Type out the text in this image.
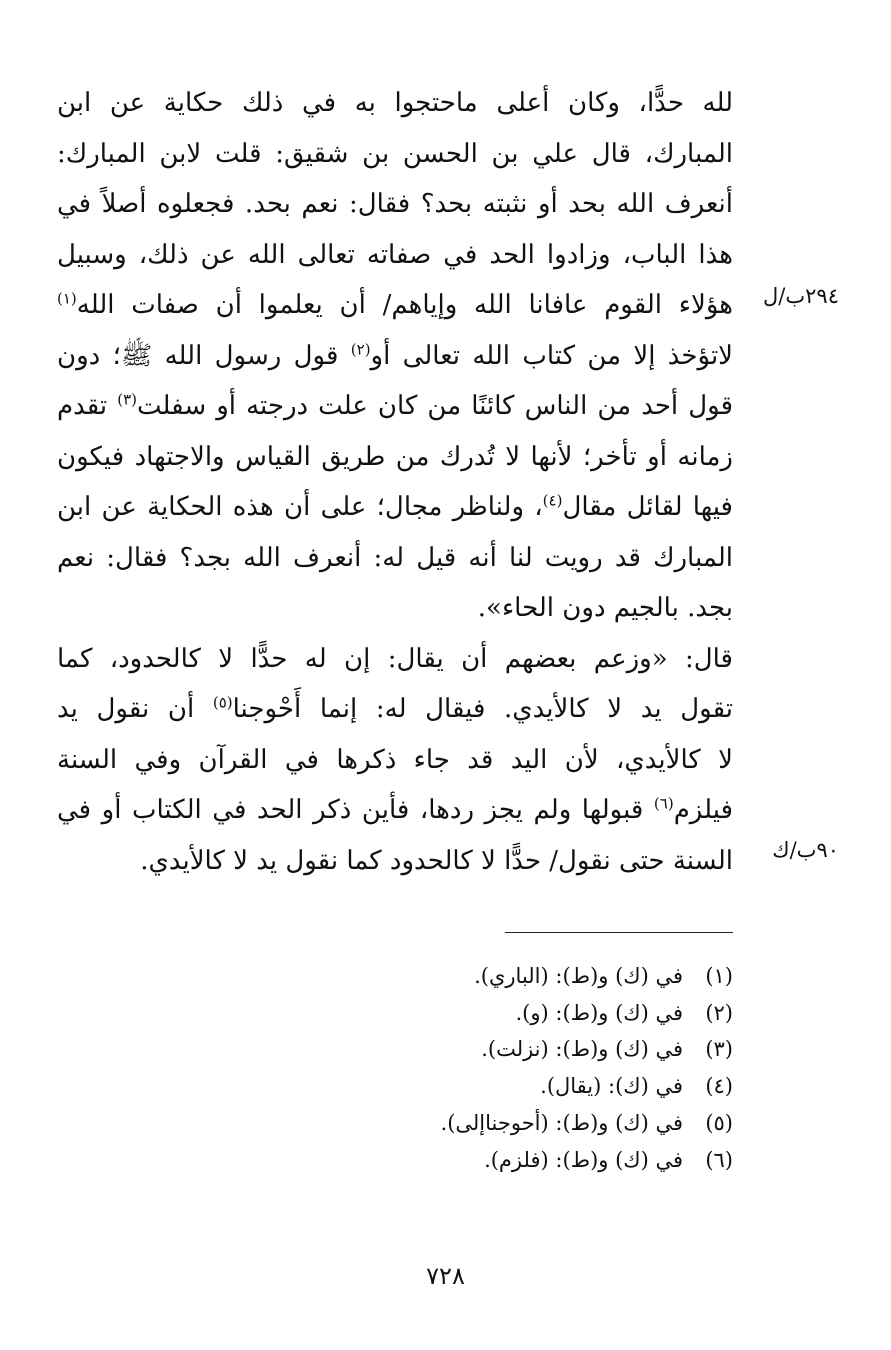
لله حدًّا، وكان أعلى ماحتجوا به في ذلك حكاية عن ابن
المبارك، قال علي بن الحسن بن شقيق: قلت لابن المبارك:
أنعرف الله بحد أو نثبته بحد؟ فقال: نعم بحد. فجعلوه أصلاً في
هذا الباب، وزادوا الحد في صفاته تعالى الله عن ذلك، وسبيل
هؤلاء القوم عافانا الله وإياهم/ أن يعلموا أن صفات الله$^{(١)}$
لاتؤخذ إلا من كتاب الله تعالى أو$^{(٢)}$ قول رسول الله ﷺ؛ دون
قول أحد من الناس كائنًا من كان علت درجته أو سفلت$^{(٣)}$ تقدم
زمانه أو تأخر؛ لأنها لا تُدرك من طريق القياس والاجتهاد فيكون
فيها لقائل مقال$^{(٤)}$، ولناظر مجال؛ على أن هذه الحكاية عن ابن
المبارك قد رويت لنا أنه قيل له: أنعرف الله بجد؟ فقال: نعم
بجد. بالجيم دون الحاء».
قال: «وزعم بعضهم أن يقال: إن له حدًّا لا كالحدود، كما
تقول يد لا كالأيدي. فيقال له: إنما أَحْوجنا$^{(٥)}$ أن نقول يد
لا كالأيدي، لأن اليد قد جاء ذكرها في القرآن وفي السنة
فيلزم$^{(٦)}$ قبولها ولم يجز ردها، فأين ذكر الحد في الكتاب أو في
السنة حتى نقول/ حدًّا لا كالحدود كما نقول يد لا كالأيدي.
٢٩٤ب/ل
٩٠ب/ك
(١)في (ك) و(ط): (الباري).
(٢)في (ك) و(ط): (و).
(٣)في (ك) و(ط): (نزلت).
(٤)في (ك): (يقال).
(٥)في (ك) و(ط): (أحوجناإلى).
(٦)في (ك) و(ط): (فلزم).
٧٢٨
